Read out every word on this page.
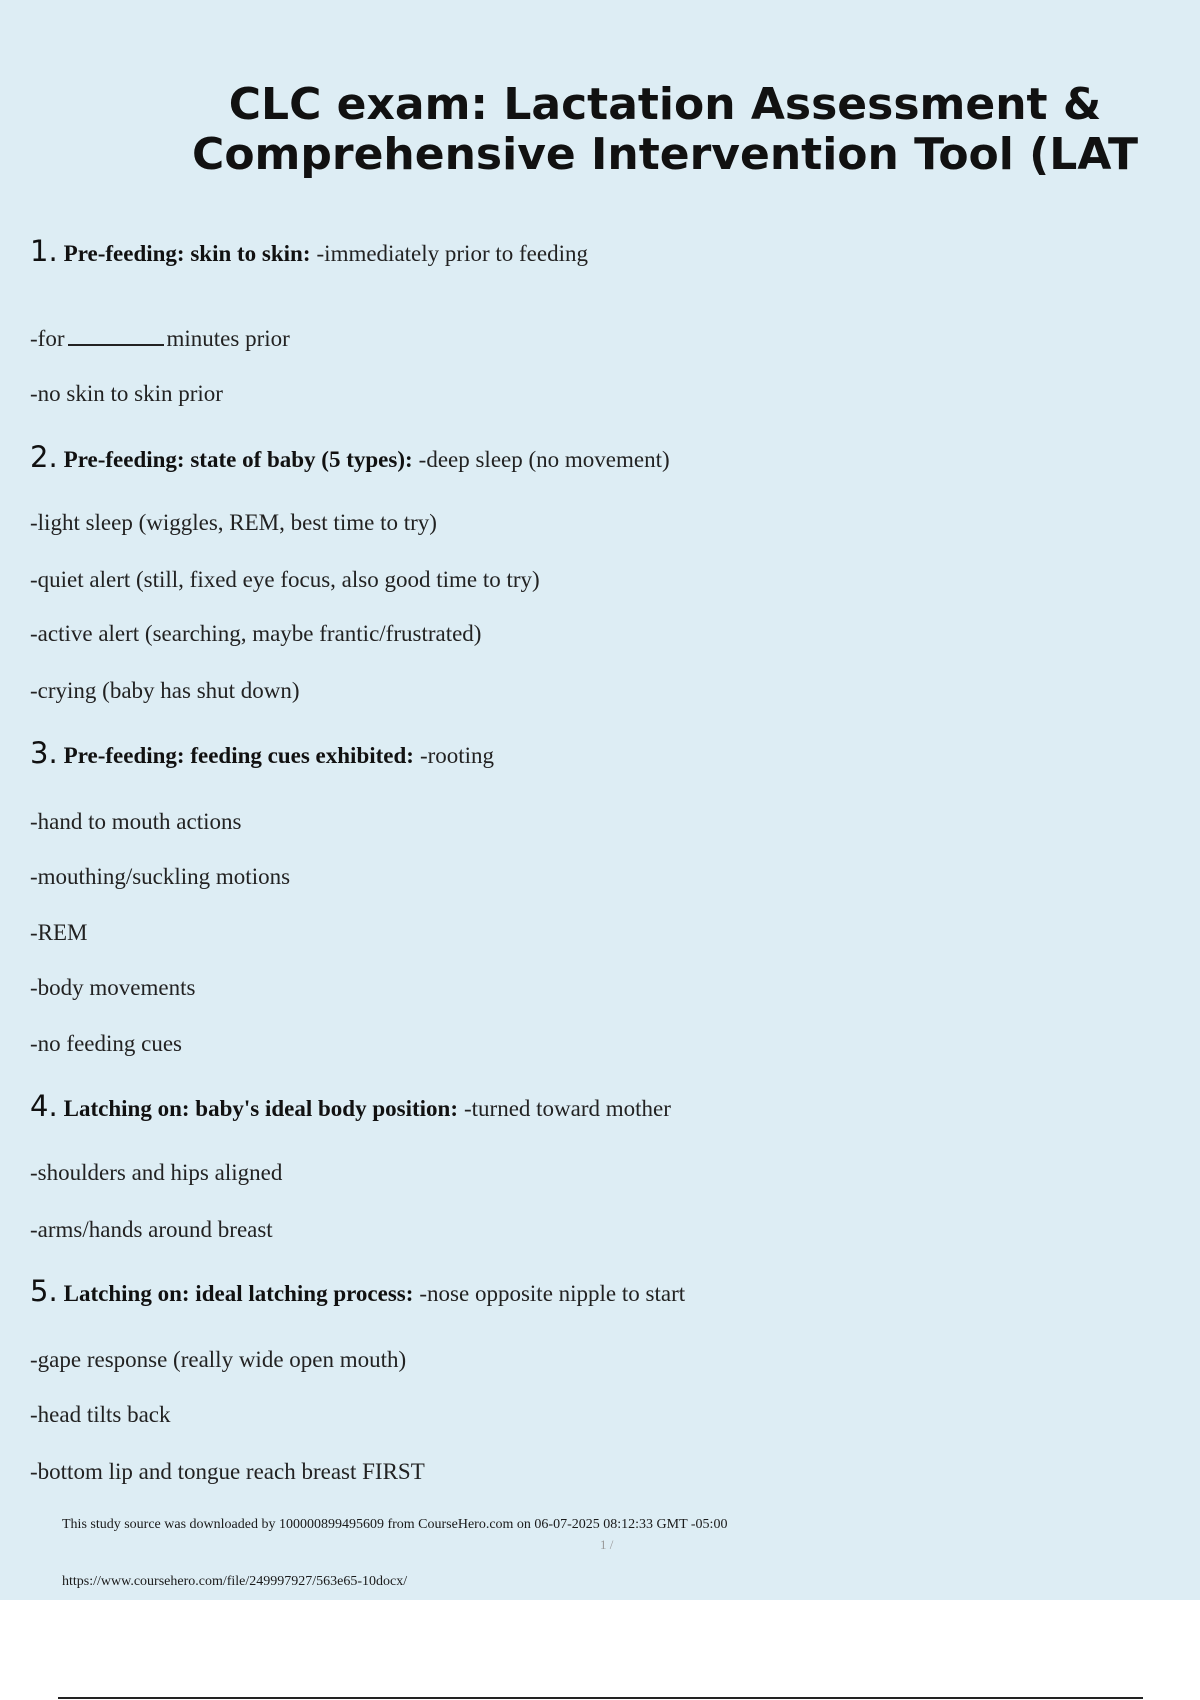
CLC exam: Lactation Assessment &
Comprehensive Intervention Tool (LAT
1. Pre-feeding: skin to skin: -immediately prior to feeding
-for	minutes prior
-no skin to skin prior
2. Pre-feeding: state of baby (5 types): -deep sleep (no movement)
-light sleep (wiggles, REM, best time to try)
-quiet alert (still, fixed eye focus, also good time to try)
-active alert (searching, maybe frantic/frustrated)
-crying (baby has shut down)
3. Pre-feeding: feeding cues exhibited: -rooting
-hand to mouth actions
-mouthing/suckling motions
-REM
-body movements
-no feeding cues
4. Latching on: baby's ideal body position: -turned toward mother
-shoulders and hips aligned
-arms/hands around breast
5. Latching on: ideal latching process: -nose opposite nipple to start
-gape response (really wide open mouth)
-head tilts back
-bottom lip and tongue reach breast FIRST
This study source was downloaded by 100000899495609 from CourseHero.com on 06-07-2025 08:12:33 GMT -05:00
1 /
https://www.coursehero.com/file/249997927/563e65-10docx/
